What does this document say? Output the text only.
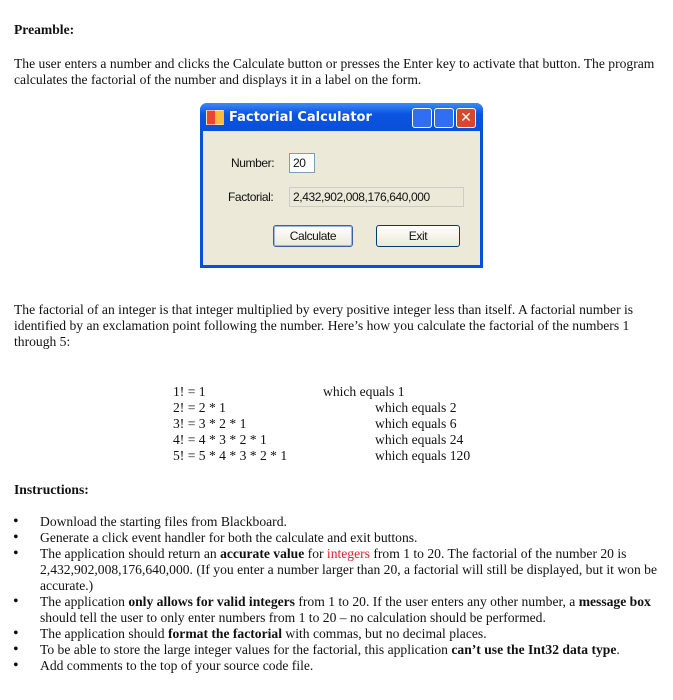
Preamble:
The user enters a number and clicks the Calculate button or presses the Enter key to activate that button. The program calculates the factorial of the number and displays it in a label on the form.
Factorial Calculator	✕
Number:	20
Factorial:	2,432,902,008,176,640,000
Calculate	Exit
The factorial of an integer is that integer multiplied by every positive integer less than itself. A factorial number is identified by an exclamation point following the number. Here’s how you calculate the factorial of the numbers 1 through 5:
1! = 1	which equals 1
2! = 2 * 1	which equals 2
3! = 3 * 2 * 1	which equals 6
4! = 4 * 3 * 2 * 1	which equals 24
5! = 5 * 4 * 3 * 2 * 1	which equals 120
Instructions:
• Download the starting files from Blackboard.
• Generate a click event handler for both the calculate and exit buttons.
• The application should return an accurate value for integers from 1 to 20. The factorial of the number 20 is 2,432,902,008,176,640,000. (If you enter a number larger than 20, a factorial will still be displayed, but it won be accurate.)
• The application only allows for valid integers from 1 to 20. If the user enters any other number, a message box should tell the user to only enter numbers from 1 to 20 – no calculation should be performed.
• The application should format the factorial with commas, but no decimal places.
• To be able to store the large integer values for the factorial, this application can’t use the Int32 data type.
• Add comments to the top of your source code file.
